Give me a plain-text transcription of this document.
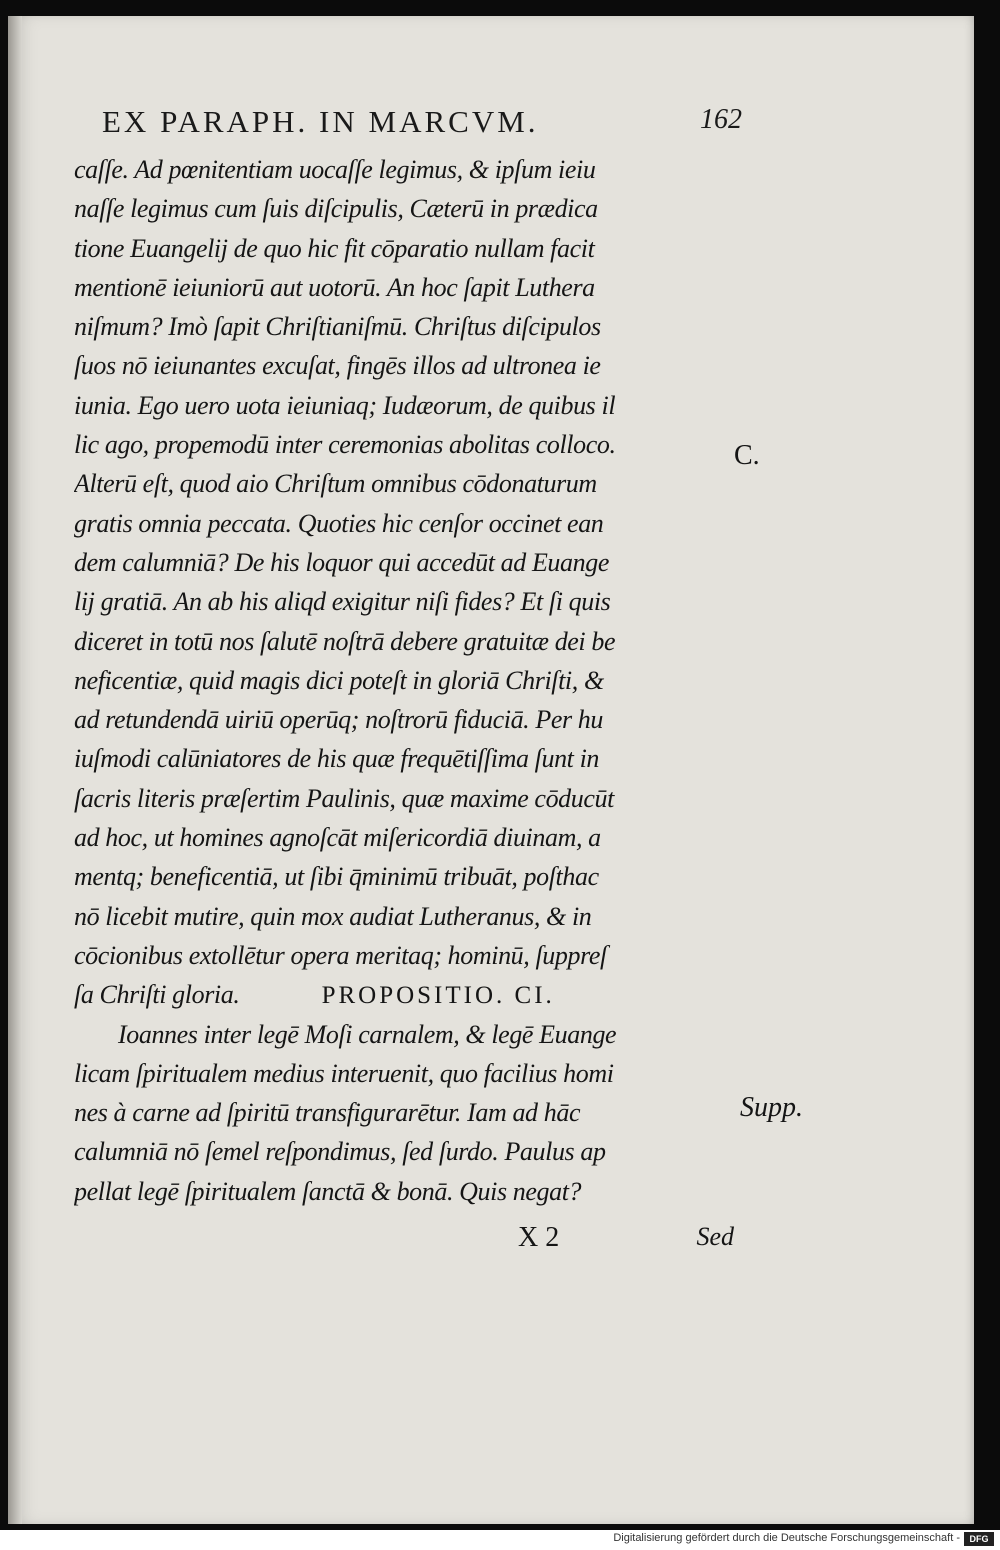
EX PARAPH. IN MARCVM.	162
caſſe. Ad pœnitentiam uocaſſe legimus, & ipſum ieiu
naſſe legimus cum ſuis diſcipulis, Cæterū in prædica
tione Euangelij de quo hic fit cōparatio nullam facit
mentionē ieiuniorū aut uotorū. An hoc ſapit Luthera
niſmum? Imò ſapit Chriſtianiſmū. Chriſtus diſcipulos
ſuos nō ieiunantes excuſat, fingēs illos ad ultronea ie
iunia. Ego uero uota ieiuniaq; Iudæorum, de quibus il
lic ago, propemodū inter ceremonias abolitas colloco.
Alterū eſt, quod aio Chriſtum omnibus cōdonaturum
gratis omnia peccata. Quoties hic cenſor occinet ean
dem calumniā? De his loquor qui accedūt ad Euange
lij gratiā. An ab his aliqd exigitur niſi fides? Et ſi quis
diceret in totū nos ſalutē noſtrā debere gratuitæ dei be
neficentiæ, quid magis dici poteſt in gloriā Chriſti, &
ad retundendā uiriū operūq; noſtrorū fiduciā. Per hu
iuſmodi calūniatores de his quæ frequētiſſima ſunt in
ſacris literis præſertim Paulinis, quæ maxime cōducūt
ad hoc, ut homines agnoſcāt miſericordiā diuinam, a
mentq; beneficentiā, ut ſibi q̄minimū tribuāt, poſthac
nō licebit mutire, quin mox audiat Lutheranus, & in
cōcionibus extollētur opera meritaq; hominū, ſuppreſ
ſa Chriſti gloria.	PROPOSITIO. CI.
Ioannes inter legē Moſi carnalem, & legē Euange
licam ſpiritualem medius interuenit, quo facilius homi
nes à carne ad ſpiritū transfigurarētur. Iam ad hāc
calumniā nō ſemel reſpondimus, ſed ſurdo. Paulus ap
pellat legē ſpiritualem ſanctā & bonā. Quis negat?
C.
Supp.
X 2	Sed
Digitalisierung gefördert durch die Deutsche Forschungsgemeinschaft -	DFG
